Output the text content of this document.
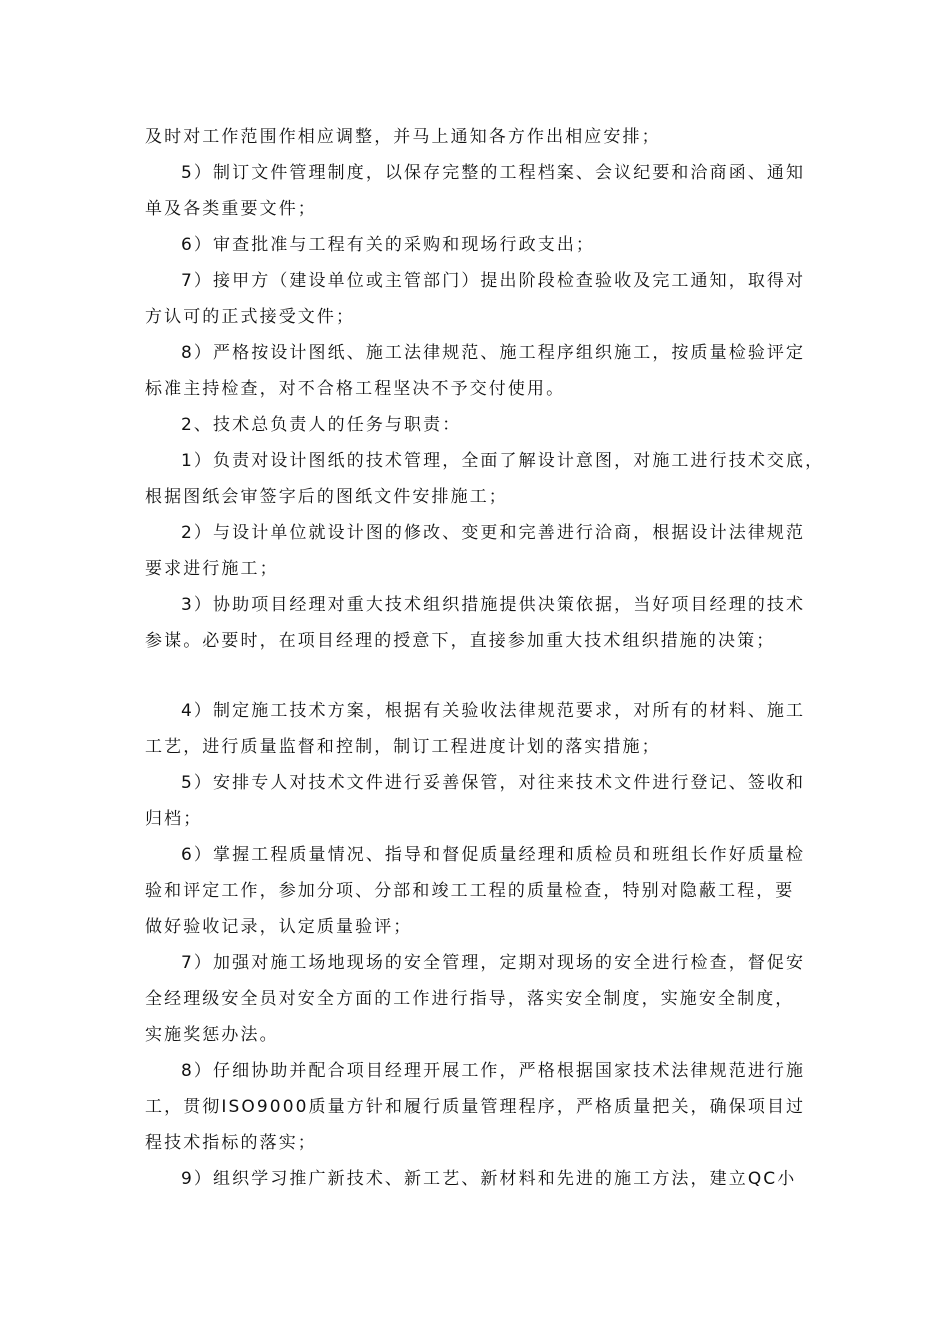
及时对工作范围作相应调整，并马上通知各方作出相应安排；
5）制订文件管理制度，以保存完整的工程档案、会议纪要和洽商函、通知
单及各类重要文件；
6）审查批准与工程有关的采购和现场行政支出；
7）接甲方（建设单位或主管部门）提出阶段检查验收及完工通知，取得对
方认可的正式接受文件；
8）严格按设计图纸、施工法律规范、施工程序组织施工，按质量检验评定
标准主持检查，对不合格工程坚决不予交付使用。
2、技术总负责人的任务与职责：
1）负责对设计图纸的技术管理，全面了解设计意图，对施工进行技术交底，
根据图纸会审签字后的图纸文件安排施工；
2）与设计单位就设计图的修改、变更和完善进行洽商，根据设计法律规范
要求进行施工；
3）协助项目经理对重大技术组织措施提供决策依据，当好项目经理的技术
参谋。必要时，在项目经理的授意下，直接参加重大技术组织措施的决策；
4）制定施工技术方案，根据有关验收法律规范要求，对所有的材料、施工
工艺，进行质量监督和控制，制订工程进度计划的落实措施；
5）安排专人对技术文件进行妥善保管，对往来技术文件进行登记、签收和
归档；
6）掌握工程质量情况、指导和督促质量经理和质检员和班组长作好质量检
验和评定工作，参加分项、分部和竣工工程的质量检查，特别对隐蔽工程，要
做好验收记录，认定质量验评；
7）加强对施工场地现场的安全管理，定期对现场的安全进行检查，督促安
全经理级安全员对安全方面的工作进行指导，落实安全制度，实施安全制度，
实施奖惩办法。
8）仔细协助并配合项目经理开展工作，严格根据国家技术法律规范进行施
工，贯彻ISO9000质量方针和履行质量管理程序，严格质量把关，确保项目过
程技术指标的落实；
9）组织学习推广新技术、新工艺、新材料和先进的施工方法，建立QC小
